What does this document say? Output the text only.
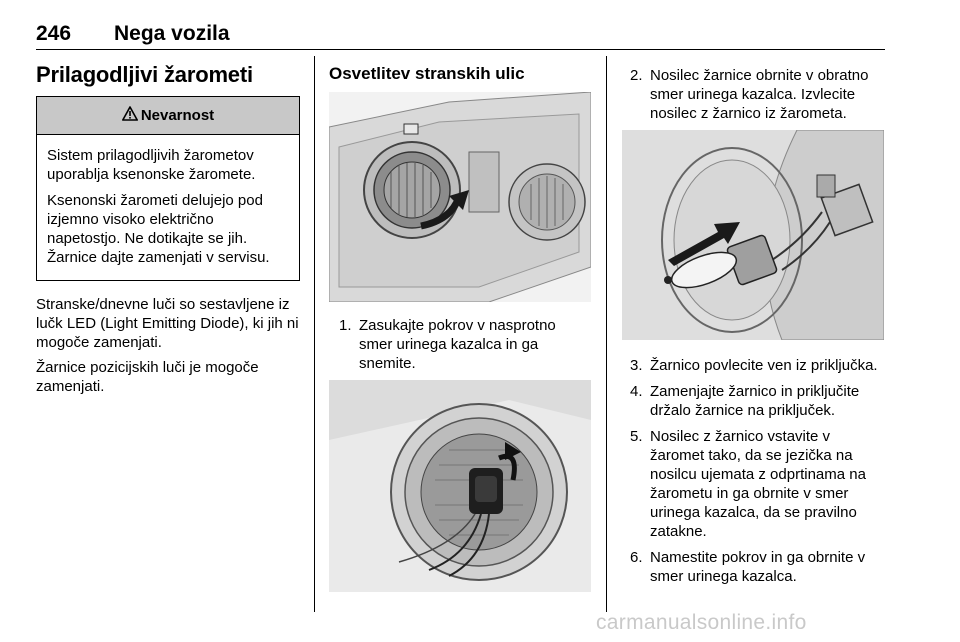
246 Nega vozila
Prilagodljivi žarometi
Nevarnost

Sistem prilagodljivih žarometov uporablja ksenonske žaromete.

Ksenonski žarometi delujejo pod izjemno visoko električno napetostjo. Ne dotikajte se jih. Žarnice dajte zamenjati v servisu.

Stranske/dnevne luči so sestavljene iz lučk LED (Light Emitting Diode), ki jih ni mogoče zamenjati.

Žarnice pozicijskih luči je mogoče zamenjati.

Osvetlitev stranskih ulic
1. Zasukajte pokrov v nasprotno smer urinega kazalca in ga snemite.
2. Nosilec žarnice obrnite v obratno smer urinega kazalca. Izvlecite nosilec z žarnico iz žarometa.
3. Žarnico povlecite ven iz priključka.
4. Zamenjajte žarnico in priključite držalo žarnice na priključek.
5. Nosilec z žarnico vstavite v žaromet tako, da se jezička na nosilcu ujemata z odprtinama na žarometu in ga obrnite v smer urinega kazalca, da se pravilno zatakne.
6. Namestite pokrov in ga obrnite v smer urinega kazalca.
carmanualsonline.info
